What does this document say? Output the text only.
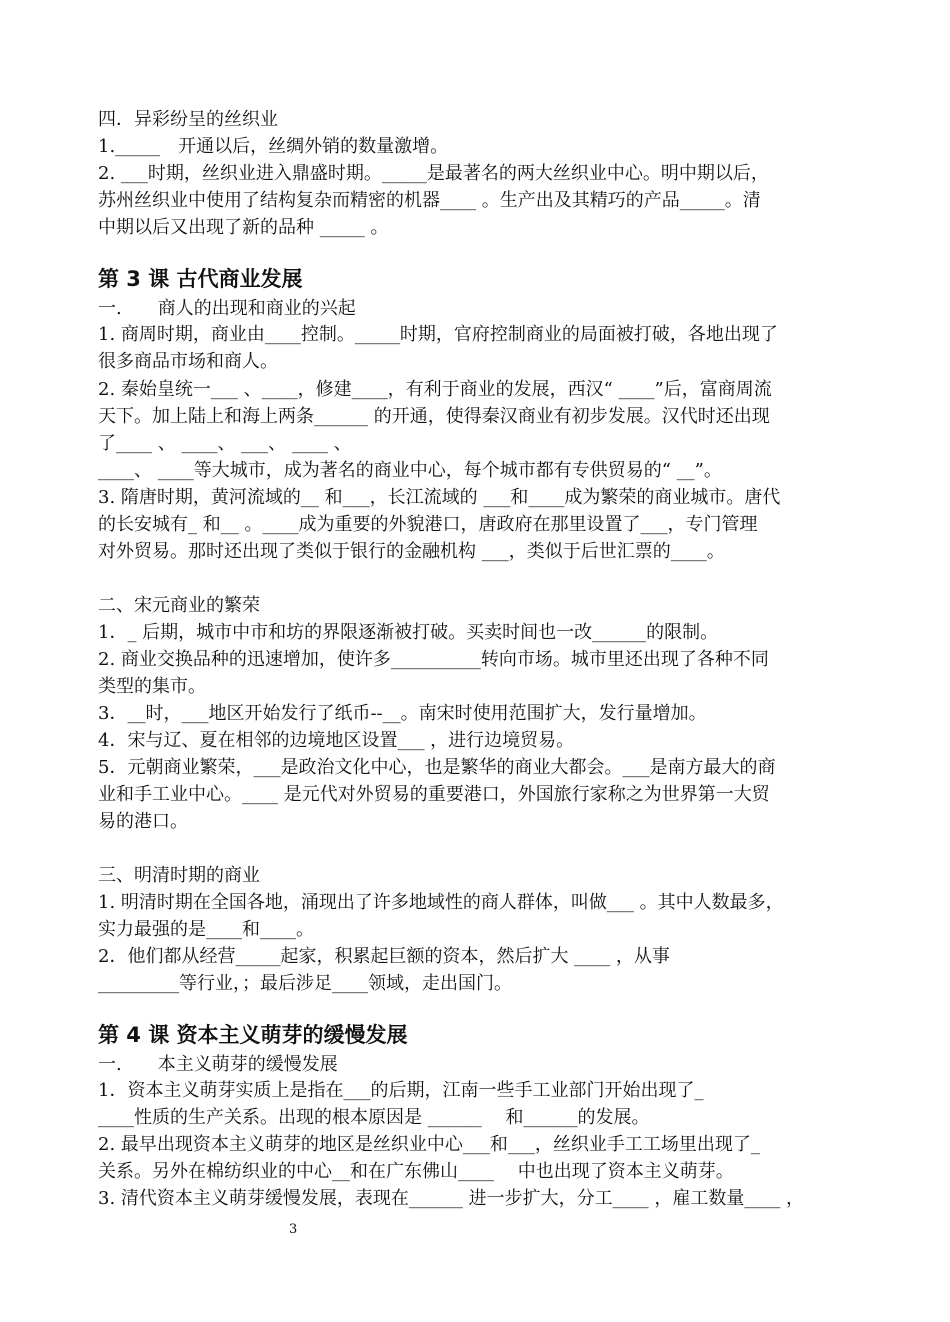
四．异彩纷呈的丝织业
1._____　开通以后，丝绸外销的数量激增。
2. ___时期，丝织业进入鼎盛时期。_____是最著名的两大丝织业中心。明中期以后，
苏州丝织业中使用了结构复杂而精密的机器____ 。生产出及其精巧的产品_____。清
中期以后又出现了新的品种 _____ 。
第 3 课 古代商业发展
一.　　商人的出现和商业的兴起
1. 商周时期，商业由____控制。_____时期，官府控制商业的局面被打破，各地出现了
很多商品市场和商人。
2. 秦始皇统一___ 、____，修建____，有利于商业的发展，西汉“ ____”后，富商周流
天下。加上陆上和海上两条______ 的开通，使得秦汉商业有初步发展。汉代时还出现
了____ 、 ____、 ___、 ____ 、
____、 ____等大城市，成为著名的商业中心，每个城市都有专供贸易的“ __”。
3. 隋唐时期，黄河流域的__ 和___，长江流域的 ___和____成为繁荣的商业城市。唐代
的长安城有_ 和__ 。____成为重要的外貌港口，唐政府在那里设置了___，专门管理
对外贸易。那时还出现了类似于银行的金融机构 ___，类似于后世汇票的____。
二、宋元商业的繁荣
1．_ 后期，城市中市和坊的界限逐渐被打破。买卖时间也一改______的限制。
2. 商业交换品种的迅速增加，使许多__________转向市场。城市里还出现了各种不同
类型的集市。
3．__时，___地区开始发行了纸币--__。南宋时使用范围扩大，发行量增加。
4．宋与辽、夏在相邻的边境地区设置___ ，进行边境贸易。
5．元朝商业繁荣，___是政治文化中心，也是繁华的商业大都会。___是南方最大的商
业和手工业中心。____ 是元代对外贸易的重要港口，外国旅行家称之为世界第一大贸
易的港口。
三、明清时期的商业
1. 明清时期在全国各地，涌现出了许多地域性的商人群体，叫做___ 。其中人数最多，
实力最强的是____和____。
2．他们都从经营_____起家，积累起巨额的资本，然后扩大 ____ ，从事
_________等行业，；最后涉足____领域，走出国门。
第 4 课 资本主义萌芽的缓慢发展
一.　　本主义萌芽的缓慢发展
1．资本主义萌芽实质上是指在___的后期，江南一些手工业部门开始出现了_
____性质的生产关系。出现的根本原因是 ______　 和______的发展。
2. 最早出现资本主义萌芽的地区是丝织业中心___和___，丝织业手工工场里出现了_
关系。另外在棉纺织业的中心__和在广东佛山____　 中也出现了资本主义萌芽。
3. 清代资本主义萌芽缓慢发展，表现在______ 进一步扩大，分工____ ，雇工数量____ ，
3
